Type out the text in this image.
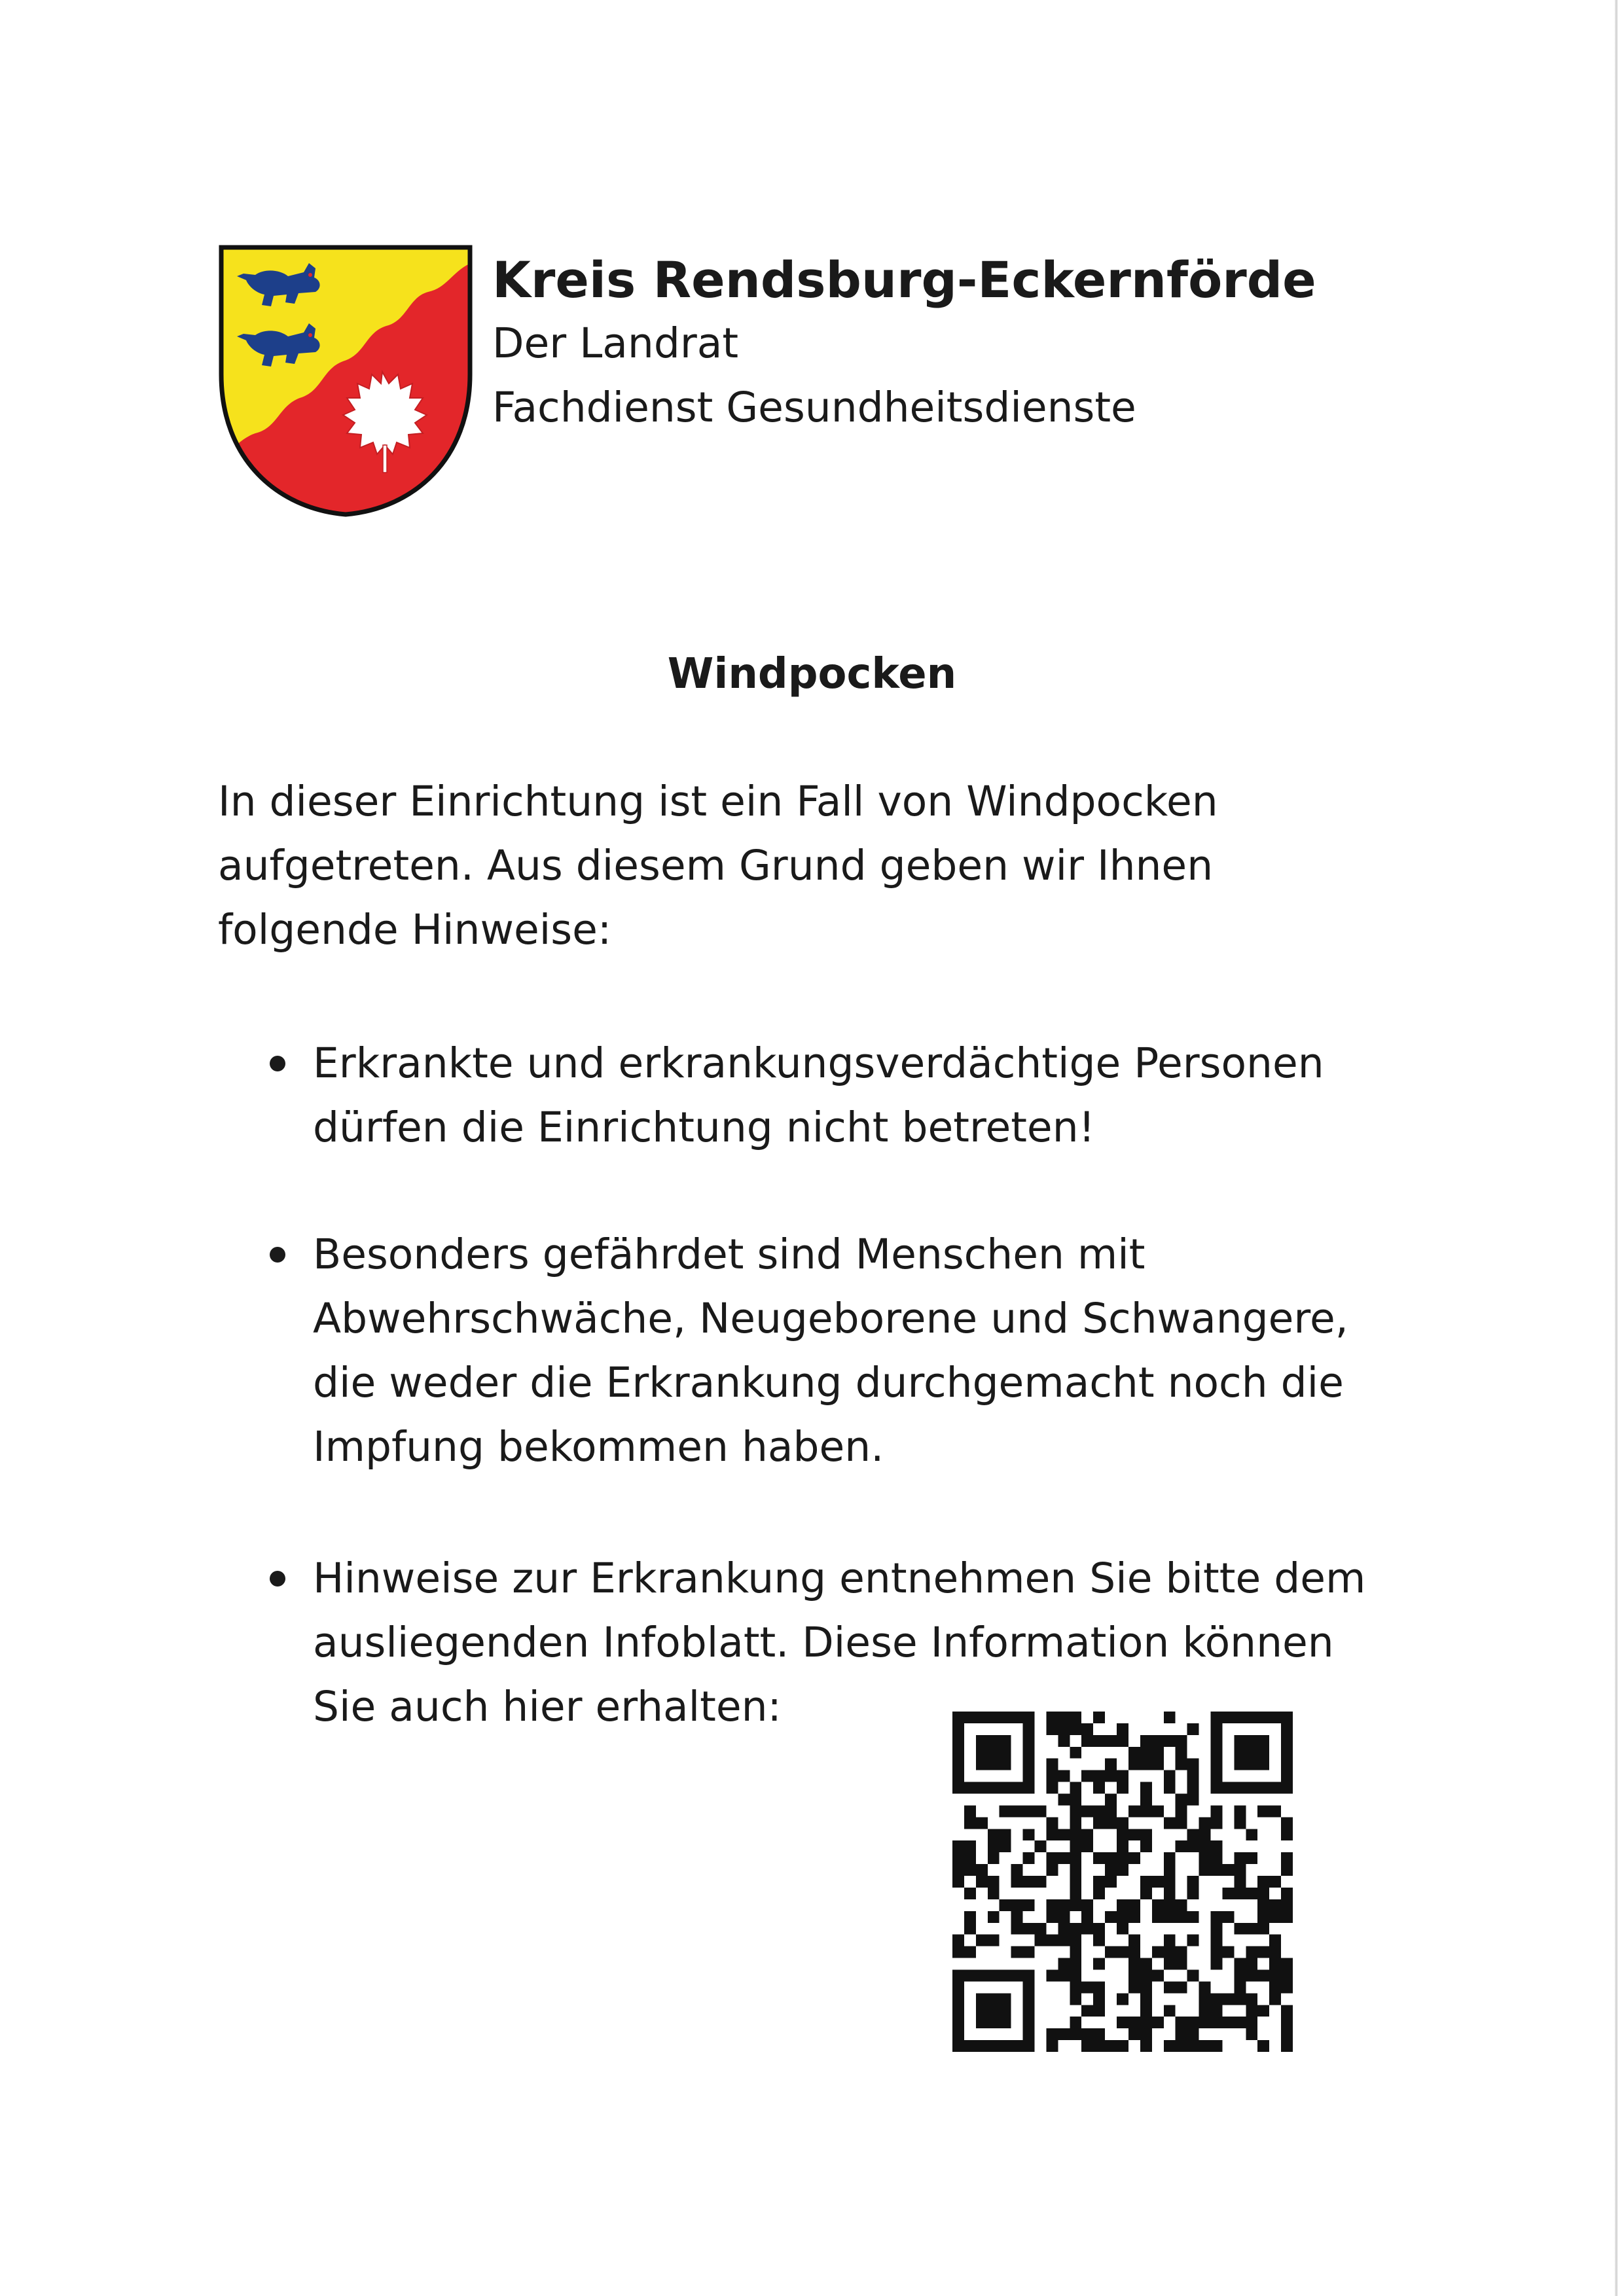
Kreis Rendsburg-Eckernförde

Der Landrat

Fachdienst Gesundheitsdienste

Windpocken

In dieser Einrichtung ist ein Fall von Windpocken
aufgetreten. Aus diesem Grund geben wir Ihnen
folgende Hinweise:

Erkrankte und erkrankungsverdächtige Personen
dürfen die Einrichtung nicht betreten!
Besonders gefährdet sind Menschen mit
Abwehrschwäche, Neugeborene und Schwangere,
die weder die Erkrankung durchgemacht noch die
Impfung bekommen haben.
Hinweise zur Erkrankung entnehmen Sie bitte dem
ausliegenden Infoblatt. Diese Information können
Sie auch hier erhalten:
